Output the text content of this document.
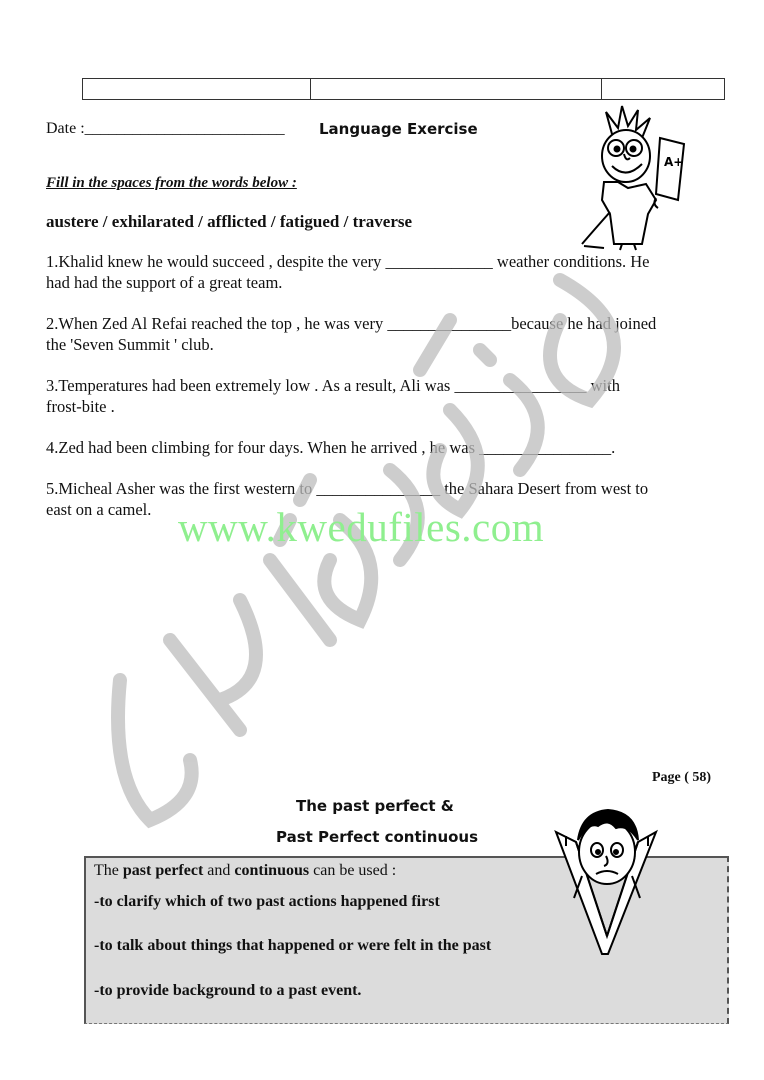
Date :_________________________ Language Exercise
A+
Fill in the spaces from the words below :
austere / exhilarated / afflicted / fatigued / traverse
1.Khalid knew he would succeed , despite the very _____________ weather conditions. He
had had the support of a great team.
2.When Zed Al Refai reached the top , he was very _______________because he had joined
the 'Seven Summit ' club.
3.Temperatures had been extremely low . As a result, Ali was ________________ with
frost-bite .
4.Zed had been climbing for four days. When he arrived , he was ________________.
5.Micheal Asher was the first western to _______________ the Sahara Desert from west to
east on a camel. www.kwedufiles.com
Page ( 58)
The past perfect &
Past Perfect continuous
The past perfect and continuous can be used :
-to clarify which of two past actions happened first
-to talk about things that happened or were felt in the past
-to provide background to a past event.
